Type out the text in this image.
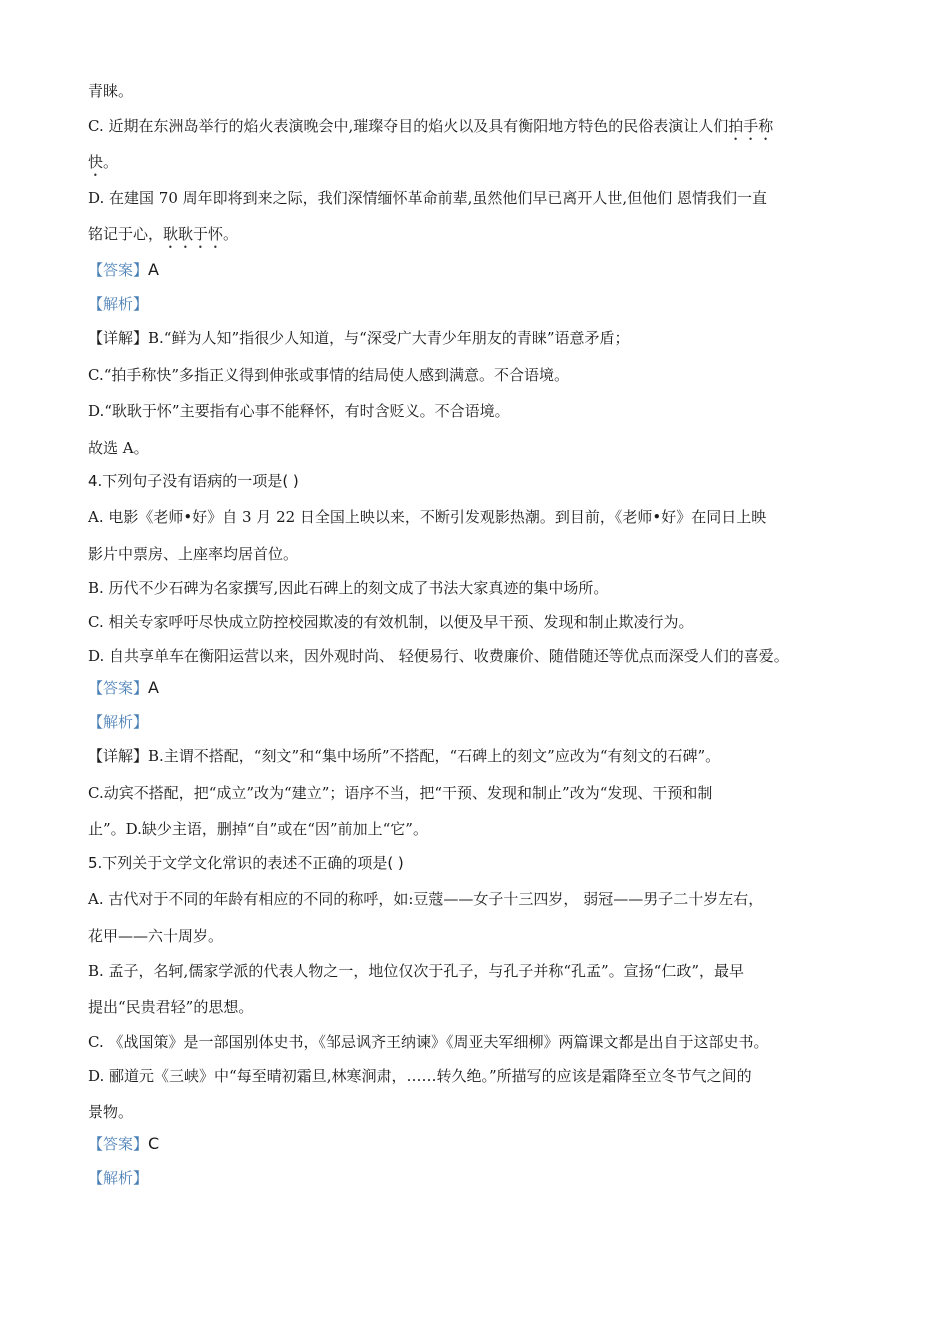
青睐。
C. 近期在东洲岛举行的焰火表演晚会中,璀璨夺目的焰火以及具有衡阳地方特色的民俗表演让人们拍手称
快。
D. 在建国 70 周年即将到来之际，我们深情缅怀革命前辈,虽然他们早已离开人世,但他们 恩情我们一直
铭记于心，耿耿于怀。
【答案】A
【解析】
【详解】B.“鲜为人知”指很少人知道，与“深受广大青少年朋友的青睐”语意矛盾；
C.“拍手称快”多指正义得到伸张或事情的结局使人感到满意。不合语境。
D.“耿耿于怀”主要指有心事不能释怀，有时含贬义。不合语境。
故选 A。
4.下列句子没有语病的一项是( )
A. 电影《老师•好》自 3 月 22 日全国上映以来，不断引发观影热潮。到目前，《老师•好》在同日上映
影片中票房、上座率均居首位。
B. 历代不少石碑为名家撰写,因此石碑上的刻文成了书法大家真迹的集中场所。
C. 相关专家呼吁尽快成立防控校园欺凌的有效机制，以便及早干预、发现和制止欺凌行为。
D. 自共享单车在衡阳运营以来，因外观时尚、 轻便易行、收费廉价、随借随还等优点而深受人们的喜爱。
【答案】A
【解析】
【详解】B.主谓不搭配，“刻文”和“集中场所”不搭配，“石碑上的刻文”应改为“有刻文的石碑”。
C.动宾不搭配，把“成立”改为“建立”；语序不当，把“干预、发现和制止”改为“发现、干预和制
止”。D.缺少主语，删掉“自”或在“因”前加上“它”。
5.下列关于文学文化常识的表述不正确的项是( )
A. 古代对于不同的年龄有相应的不同的称呼，如:豆蔻——女子十三四岁， 弱冠——男子二十岁左右，
花甲——六十周岁。
B. 孟子，名轲,儒家学派的代表人物之一，地位仅次于孔子，与孔子并称“孔孟”。宣扬“仁政”，最早
提出“民贵君轻”的思想。
C. 《战国策》是一部国别体史书，《邹忌讽齐王纳谏》《周亚夫军细柳》两篇课文都是出自于这部史书。
D. 郦道元《三峡》中“每至晴初霜旦,林寒涧肃，……转久绝。”所描写的应该是霜降至立冬节气之间的
景物。
【答案】C
【解析】
